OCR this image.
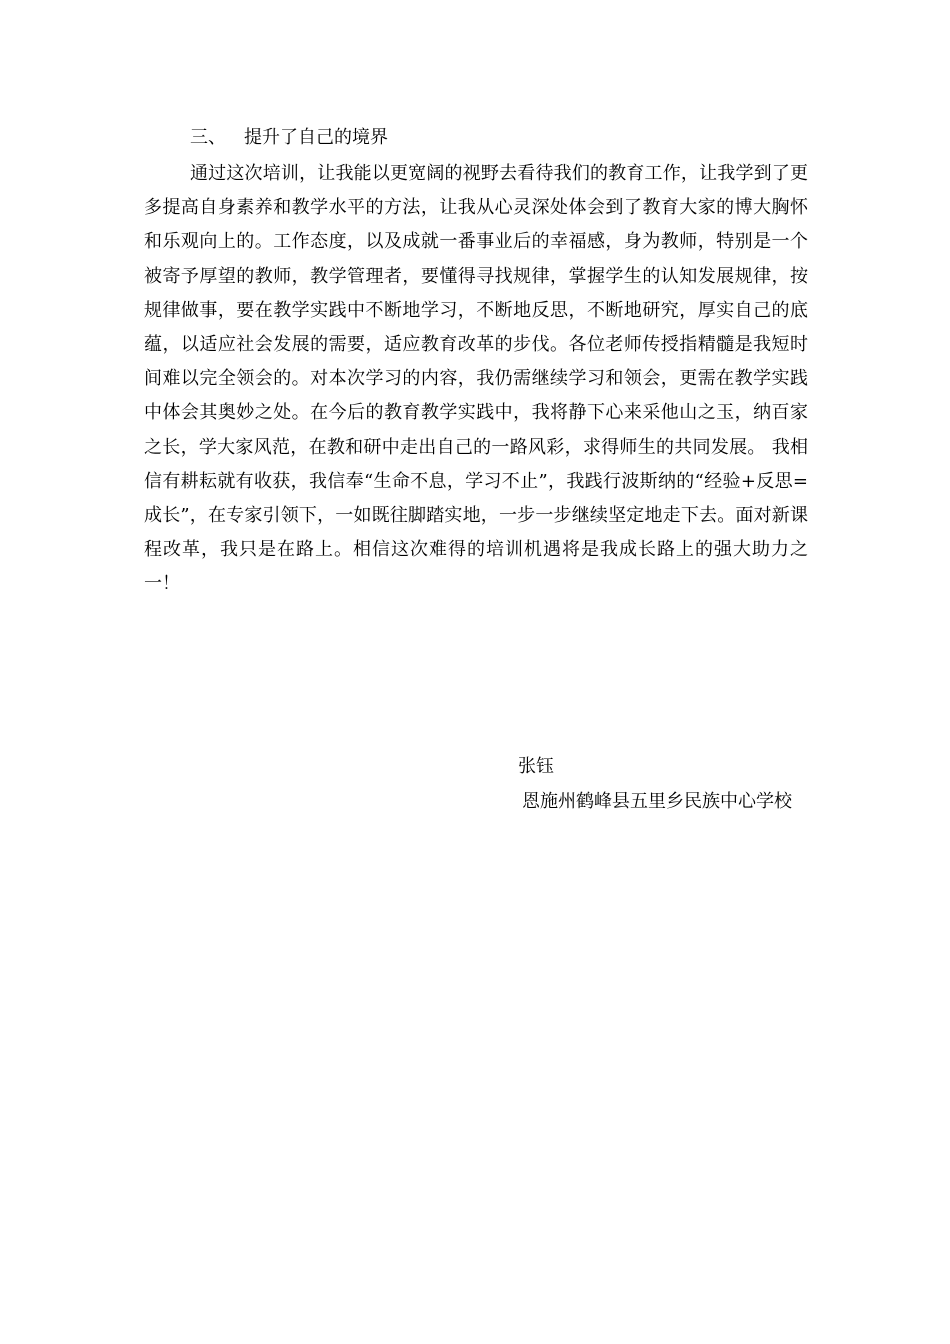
三、 提升了自己的境界

通过这次培训，让我能以更宽阔的视野去看待我们的教育工作，让我学到了更多提高自身素养和教学水平的方法，让我从心灵深处体会到了教育大家的博大胸怀和乐观向上的。工作态度，以及成就一番事业后的幸福感，身为教师，特别是一个被寄予厚望的教师，教学管理者，要懂得寻找规律，掌握学生的认知发展规律，按规律做事，要在教学实践中不断地学习，不断地反思，不断地研究，厚实自己的底蕴，以适应社会发展的需要，适应教育改革的步伐。各位老师传授指精髓是我短时间难以完全领会的。对本次学习的内容，我仍需继续学习和领会，更需在教学实践中体会其奥妙之处。在今后的教育教学实践中，我将静下心来采他山之玉，纳百家之长，学大家风范，在教和研中走出自己的一路风彩，求得师生的共同发展。 我相信有耕耘就有收获，我信奉“生命不息，学习不止”，我践行波斯纳的“经验+反思=成长”，在专家引领下，一如既往脚踏实地，一步一步继续坚定地走下去。面对新课程改革，我只是在路上。相信这次难得的培训机遇将是我成长路上的强大助力之一！

张钰
恩施州鹤峰县五里乡民族中心学校
